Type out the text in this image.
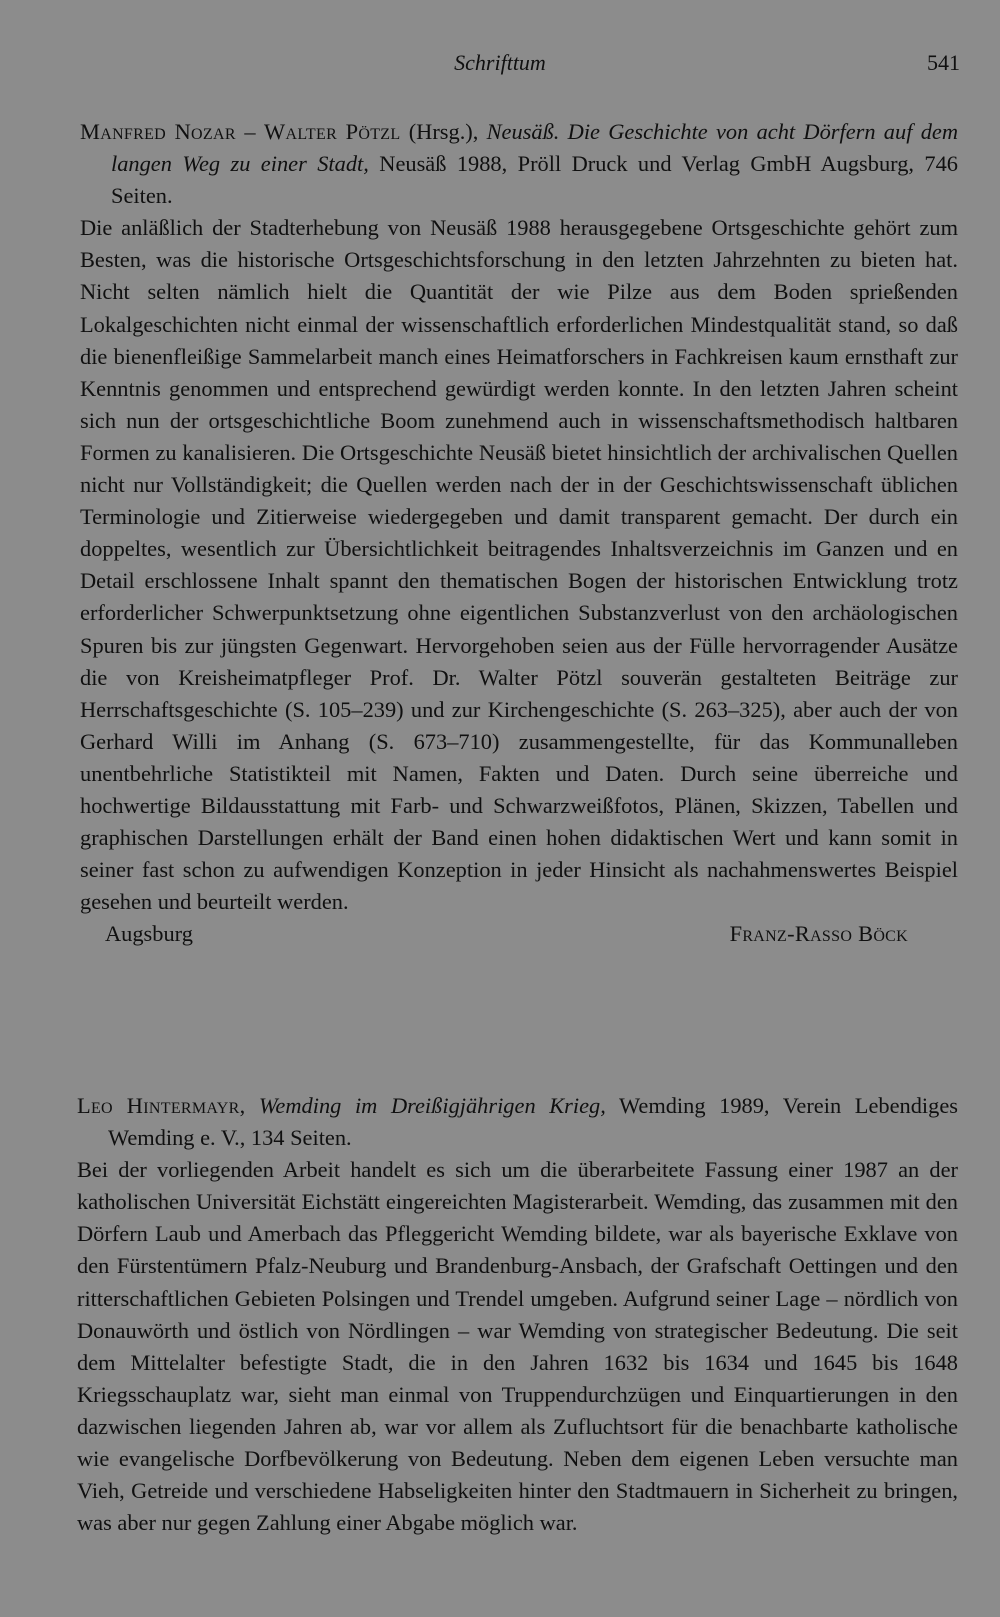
Schrifttum	541

Manfred Nozar – Walter Pötzl (Hrsg.), Neusäß. Die Geschichte von acht Dörfern auf dem langen Weg zu einer Stadt, Neusäß 1988, Pröll Druck und Verlag GmbH Augsburg, 746 Seiten.

Die anläßlich der Stadterhebung von Neusäß 1988 herausgegebene Ortsgeschichte gehört zum Besten, was die historische Ortsgeschichtsforschung in den letzten Jahrzehnten zu bieten hat. Nicht selten nämlich hielt die Quantität der wie Pilze aus dem Boden sprießenden Lokalgeschichten nicht einmal der wissenschaftlich erforderlichen Mindestqualität stand, so daß die bienenfleißige Sammelarbeit manch eines Heimatforschers in Fachkreisen kaum ernsthaft zur Kenntnis genommen und entsprechend gewürdigt werden konnte. In den letzten Jahren scheint sich nun der ortsgeschichtliche Boom zunehmend auch in wissenschaftsmethodisch haltbaren Formen zu kanalisieren. Die Ortsgeschichte Neusäß bietet hinsichtlich der archivalischen Quellen nicht nur Vollständigkeit; die Quellen werden nach der in der Geschichtswissenschaft üblichen Terminologie und Zitierweise wiedergegeben und damit transparent gemacht. Der durch ein doppeltes, wesentlich zur Übersichtlichkeit beitragendes Inhaltsverzeichnis im Ganzen und en Detail erschlossene Inhalt spannt den thematischen Bogen der historischen Entwicklung trotz erforderlicher Schwerpunktsetzung ohne eigentlichen Substanzverlust von den archäologischen Spuren bis zur jüngsten Gegenwart. Hervorgehoben seien aus der Fülle hervorragender Ausätze die von Kreisheimatpfleger Prof. Dr. Walter Pötzl souverän gestalteten Beiträge zur Herrschaftsgeschichte (S. 105–239) und zur Kirchengeschichte (S. 263–325), aber auch der von Gerhard Willi im Anhang (S. 673–710) zusammengestellte, für das Kommunalleben unentbehrliche Statistikteil mit Namen, Fakten und Daten. Durch seine überreiche und hochwertige Bildausstattung mit Farb- und Schwarzweißfotos, Plänen, Skizzen, Tabellen und graphischen Darstellungen erhält der Band einen hohen didaktischen Wert und kann somit in seiner fast schon zu aufwendigen Konzeption in jeder Hinsicht als nachahmenswertes Beispiel gesehen und beurteilt werden.

Augsburg	Franz-Rasso Böck

Leo Hintermayr, Wemding im Dreißigjährigen Krieg, Wemding 1989, Verein Lebendiges Wemding e. V., 134 Seiten.

Bei der vorliegenden Arbeit handelt es sich um die überarbeitete Fassung einer 1987 an der katholischen Universität Eichstätt eingereichten Magisterarbeit. Wemding, das zusammen mit den Dörfern Laub und Amerbach das Pfleggericht Wemding bildete, war als bayerische Exklave von den Fürstentümern Pfalz-Neuburg und Brandenburg-Ansbach, der Grafschaft Oettingen und den ritterschaftlichen Gebieten Polsingen und Trendel umgeben. Aufgrund seiner Lage – nördlich von Donauwörth und östlich von Nördlingen – war Wemding von strategischer Bedeutung. Die seit dem Mittelalter befestigte Stadt, die in den Jahren 1632 bis 1634 und 1645 bis 1648 Kriegsschauplatz war, sieht man einmal von Truppendurchzügen und Einquartierungen in den dazwischen liegenden Jahren ab, war vor allem als Zufluchtsort für die benachbarte katholische wie evangelische Dorfbevölkerung von Bedeutung. Neben dem eigenen Leben versuchte man Vieh, Getreide und verschiedene Habseligkeiten hinter den Stadtmauern in Sicherheit zu bringen, was aber nur gegen Zahlung einer Abgabe möglich war.
